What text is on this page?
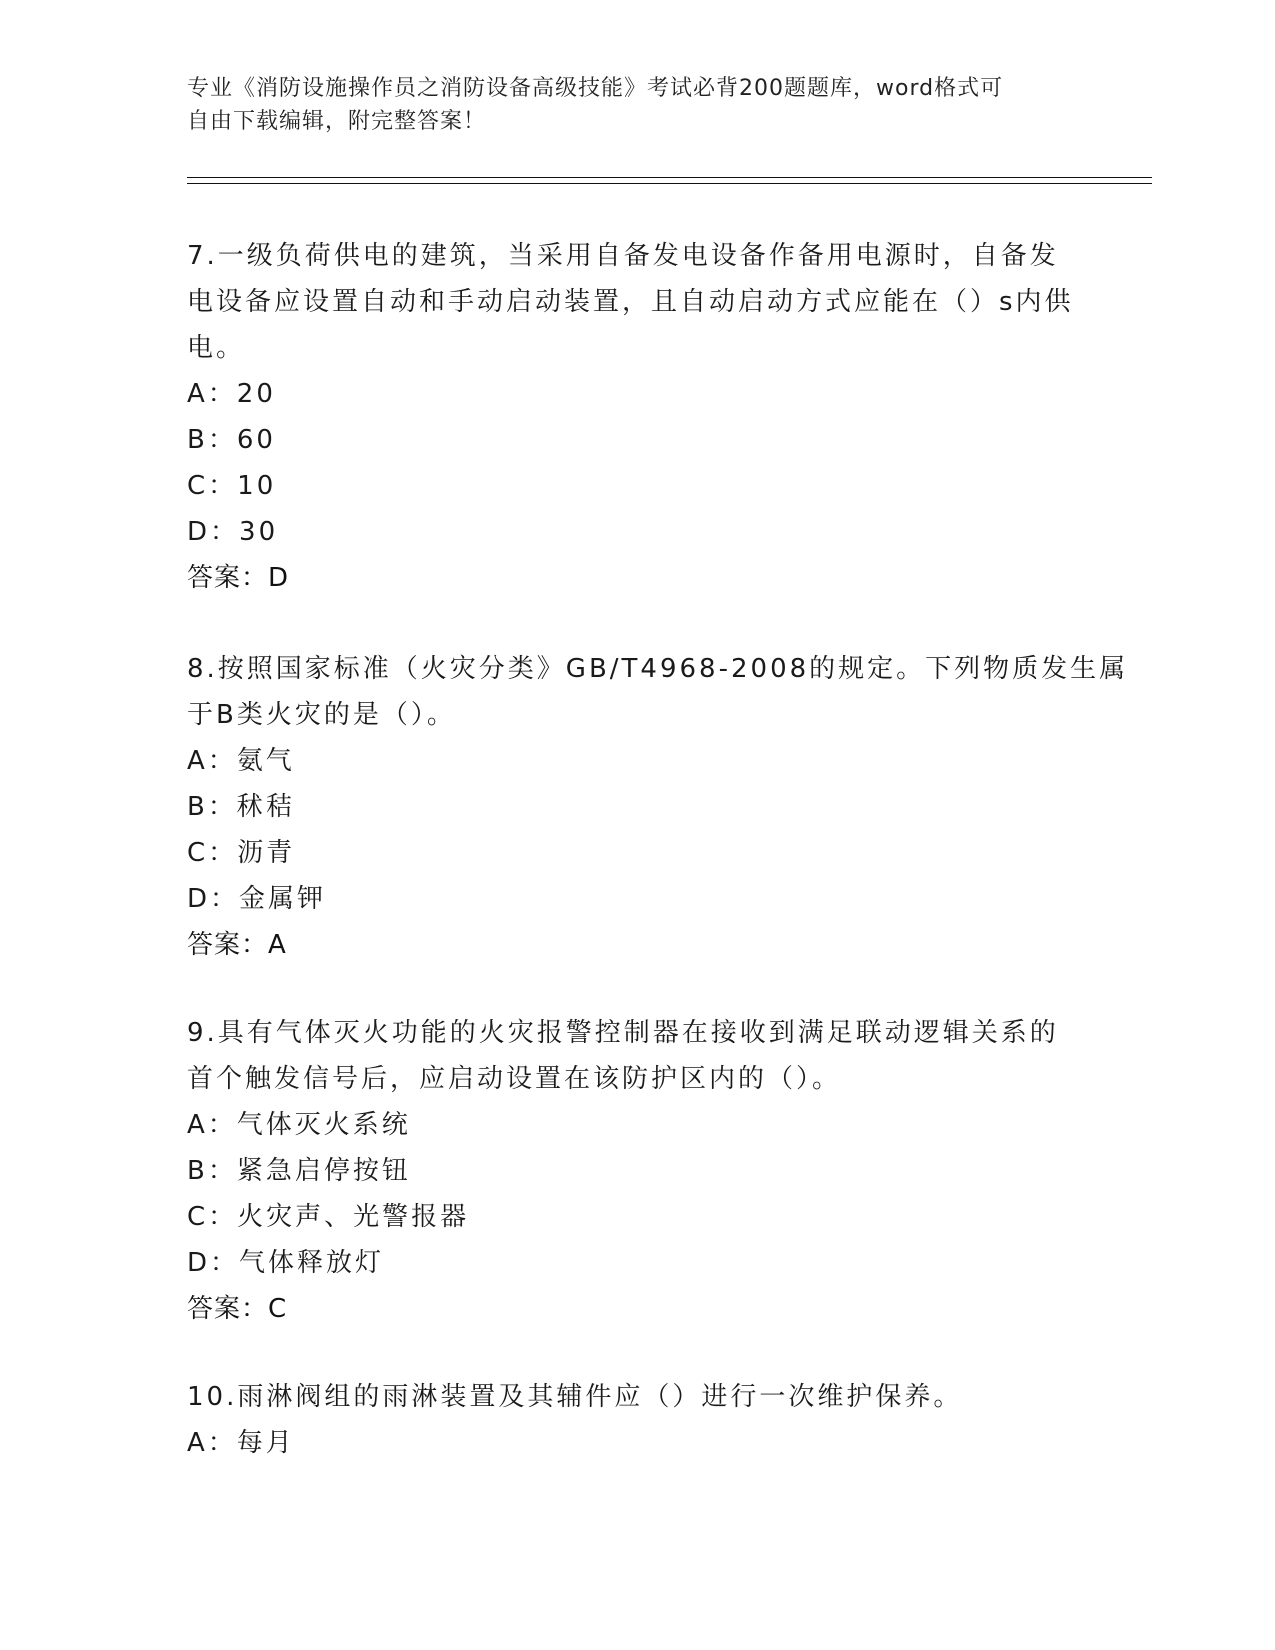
专业《消防设施操作员之消防设备高级技能》考试必背200题题库，word格式可
自由下载编辑，附完整答案！
7.一级负荷供电的建筑，当采用自备发电设备作备用电源时，自备发
电设备应设置自动和手动启动装置，且自动启动方式应能在（）s内供
电。
A：20
B：60
C：10
D：30
答案：D
8.按照国家标准（火灾分类》GB/T4968-2008的规定。下列物质发生属
于B类火灾的是（）。
A：氨气
B：秫秸
C：沥青
D：金属钾
答案：A
9.具有气体灭火功能的火灾报警控制器在接收到满足联动逻辑关系的
首个触发信号后，应启动设置在该防护区内的（）。
A：气体灭火系统
B：紧急启停按钮
C：火灾声、光警报器
D：气体释放灯
答案：C
10.雨淋阀组的雨淋装置及其辅件应（）进行一次维护保养。
A：每月
